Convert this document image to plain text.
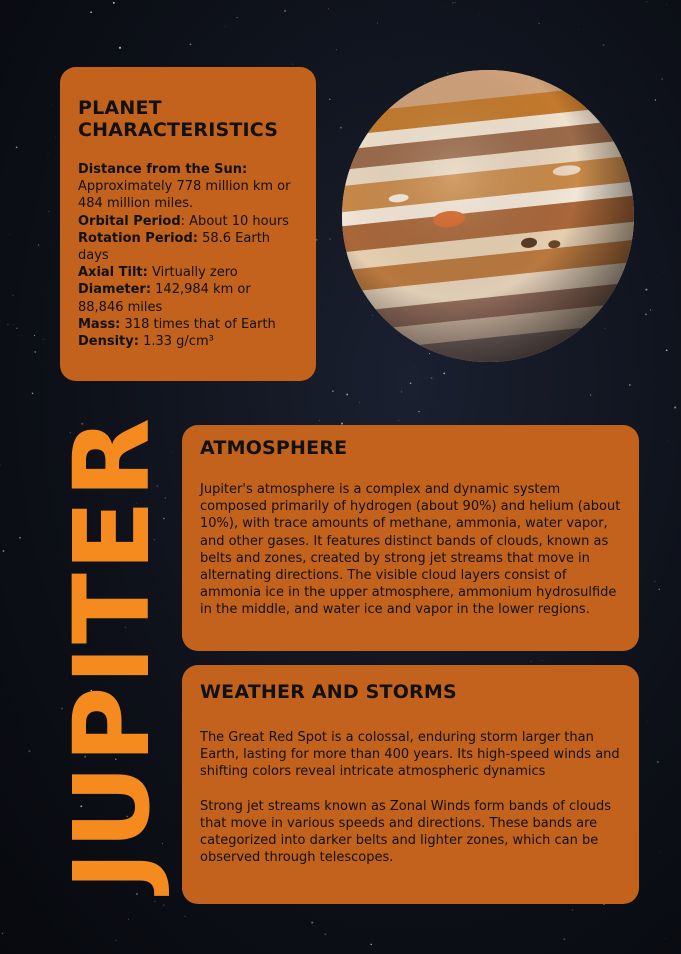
JUPITER
PLANET CHARACTERISTICS
Distance from the Sun: Approximately 778 million km or 484 million miles.
Orbital Period: About 10 hours
Rotation Period: 58.6 Earth days
Axial Tilt: Virtually zero
Diameter: 142,984 km or 88,846 miles
Mass: 318 times that of Earth
Density: 1.33 g/cm³
ATMOSPHERE

Jupiter's atmosphere is a complex and dynamic system composed primarily of hydrogen (about 90%) and helium (about 10%), with trace amounts of methane, ammonia, water vapor, and other gases. It features distinct bands of clouds, known as belts and zones, created by strong jet streams that move in alternating directions. The visible cloud layers consist of ammonia ice in the upper atmosphere, ammonium hydrosulfide in the middle, and water ice and vapor in the lower regions.

WEATHER AND STORMS

The Great Red Spot is a colossal, enduring storm larger than Earth, lasting for more than 400 years. Its high-speed winds and shifting colors reveal intricate atmospheric dynamics

Strong jet streams known as Zonal Winds form bands of clouds that move in various speeds and directions. These bands are categorized into darker belts and lighter zones, which can be observed through telescopes.
